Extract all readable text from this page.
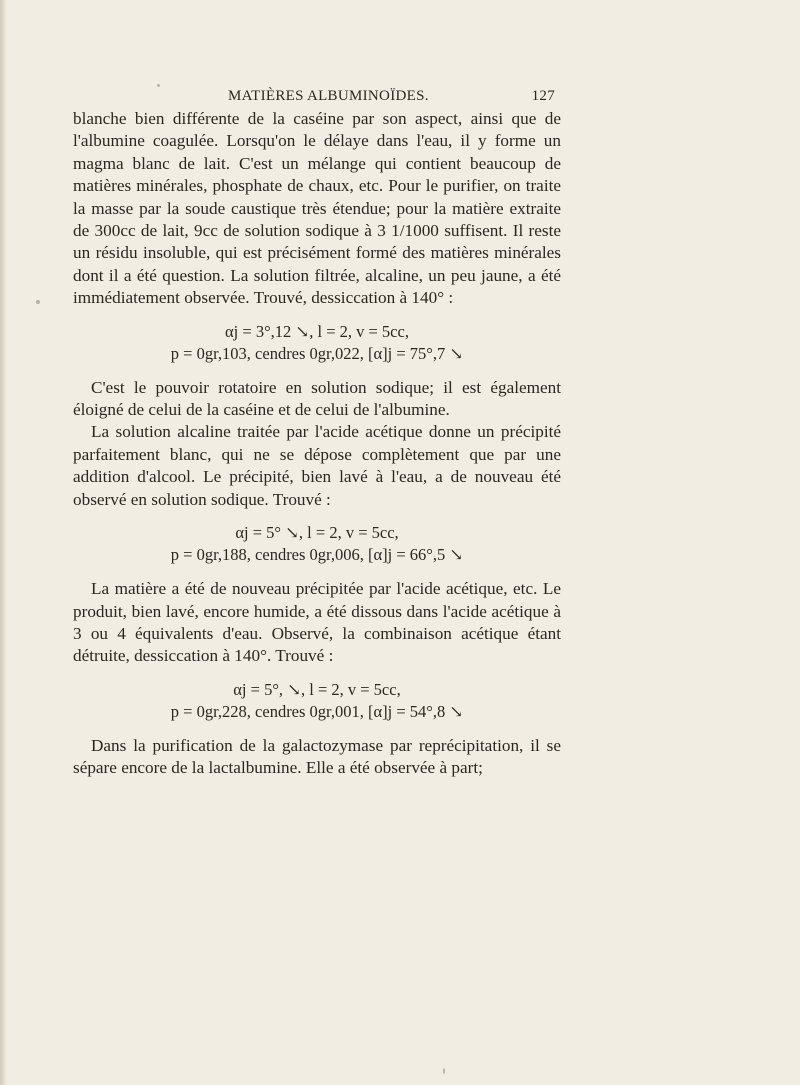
MATIÈRES ALBUMINOÏDES.	127

blanche bien différente de la caséine par son aspect, ainsi que de l'albumine coagulée. Lorsqu'on le délaye dans l'eau, il y forme un magma blanc de lait. C'est un mélange qui contient beaucoup de matières minérales, phosphate de chaux, etc. Pour le purifier, on traite la masse par la soude caustique très étendue; pour la matière extraite de 300cc de lait, 9cc de solution sodique à 3 1/1000 suffisent. Il reste un résidu insoluble, qui est précisément formé des matières minérales dont il a été question. La solution filtrée, alcaline, un peu jaune, a été immédiatement observée. Trouvé, dessiccation à 140° :

αj = 3°,12 ↘, l = 2, v = 5cc,
p = 0gr,103, cendres 0gr,022, [α]j = 75°,7 ↘

C'est le pouvoir rotatoire en solution sodique; il est également éloigné de celui de la caséine et de celui de l'albumine.

La solution alcaline traitée par l'acide acétique donne un précipité parfaitement blanc, qui ne se dépose complètement que par une addition d'alcool. Le précipité, bien lavé à l'eau, a de nouveau été observé en solution sodique. Trouvé :

αj = 5° ↘, l = 2, v = 5cc,
p = 0gr,188, cendres 0gr,006, [α]j = 66°,5 ↘

La matière a été de nouveau précipitée par l'acide acétique, etc. Le produit, bien lavé, encore humide, a été dissous dans l'acide acétique à 3 ou 4 équivalents d'eau. Observé, la combinaison acétique étant détruite, dessiccation à 140°. Trouvé :

αj = 5°, ↘, l = 2, v = 5cc,
p = 0gr,228, cendres 0gr,001, [α]j = 54°,8 ↘

Dans la purification de la galactozymase par reprécipitation, il se sépare encore de la lactalbumine. Elle a été observée à part;
